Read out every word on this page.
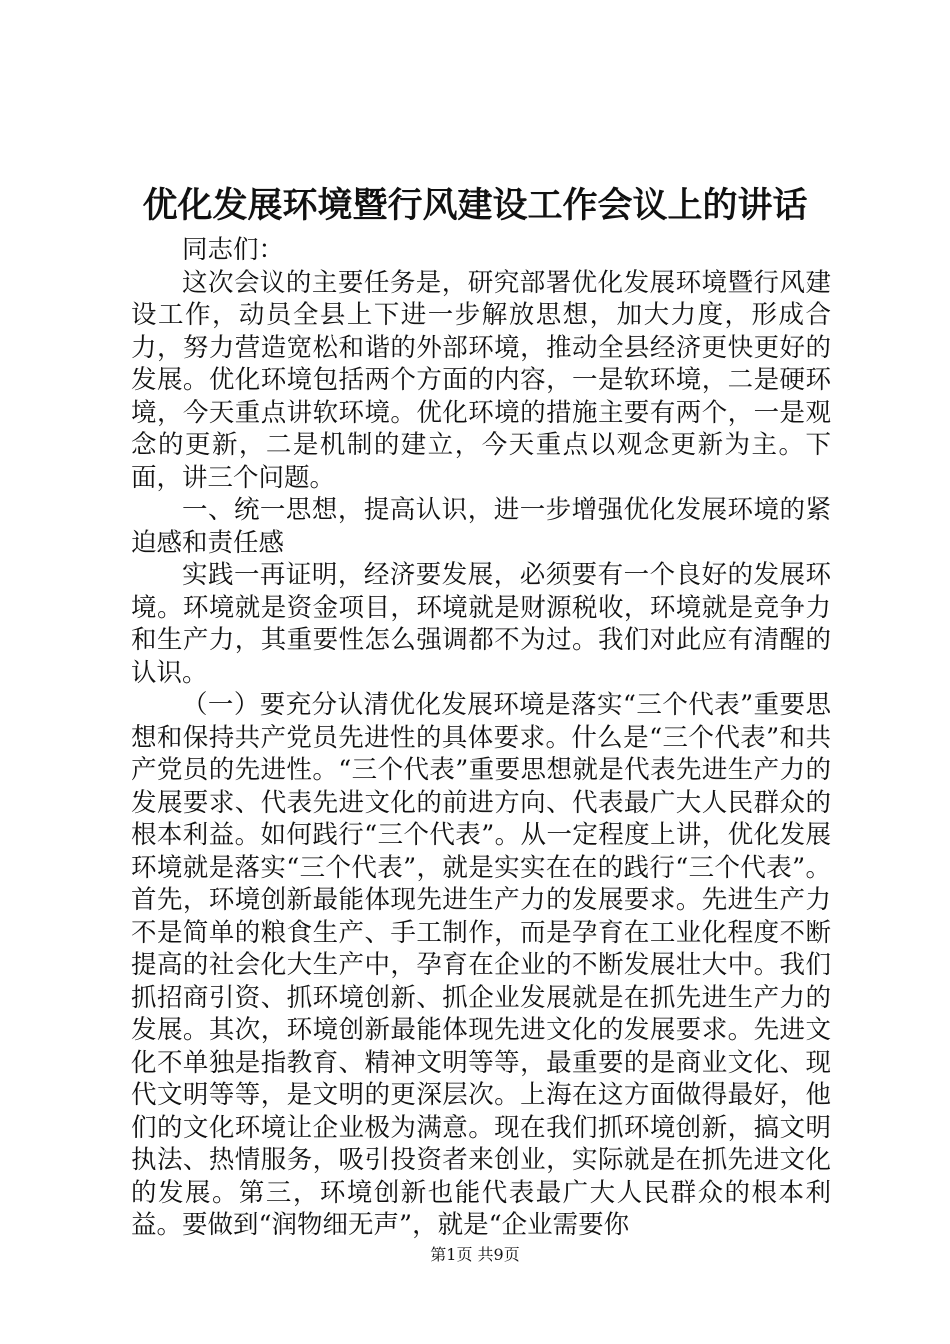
优化发展环境暨行风建设工作会议上的讲话

同志们：

这次会议的主要任务是，研究部署优化发展环境暨行风建设工作，动员全县上下进一步解放思想，加大力度，形成合力，努力营造宽松和谐的外部环境，推动全县经济更快更好的发展。优化环境包括两个方面的内容，一是软环境，二是硬环境，今天重点讲软环境。优化环境的措施主要有两个，一是观念的更新，二是机制的建立，今天重点以观念更新为主。下面，讲三个问题。

一、统一思想，提高认识，进一步增强优化发展环境的紧迫感和责任感

实践一再证明，经济要发展，必须要有一个良好的发展环境。环境就是资金项目，环境就是财源税收，环境就是竞争力和生产力，其重要性怎么强调都不为过。我们对此应有清醒的认识。

（一）要充分认清优化发展环境是落实“三个代表”重要思想和保持共产党员先进性的具体要求。什么是“三个代表”和共产党员的先进性。“三个代表”重要思想就是代表先进生产力的发展要求、代表先进文化的前进方向、代表最广大人民群众的根本利益。如何践行“三个代表”。从一定程度上讲，优化发展环境就是落实“三个代表”，就是实实在在的践行“三个代表”。首先，环境创新最能体现先进生产力的发展要求。先进生产力不是简单的粮食生产、手工制作，而是孕育在工业化程度不断提高的社会化大生产中，孕育在企业的不断发展壮大中。我们抓招商引资、抓环境创新、抓企业发展就是在抓先进生产力的发展。其次，环境创新最能体现先进文化的发展要求。先进文化不单独是指教育、精神文明等等，最重要的是商业文化、现代文明等等，是文明的更深层次。上海在这方面做得最好，他们的文化环境让企业极为满意。现在我们抓环境创新，搞文明执法、热情服务，吸引投资者来创业，实际就是在抓先进文化的发展。第三，环境创新也能代表最广大人民群众的根本利益。要做到“润物细无声”，就是“企业需要你

第1页 共9页
